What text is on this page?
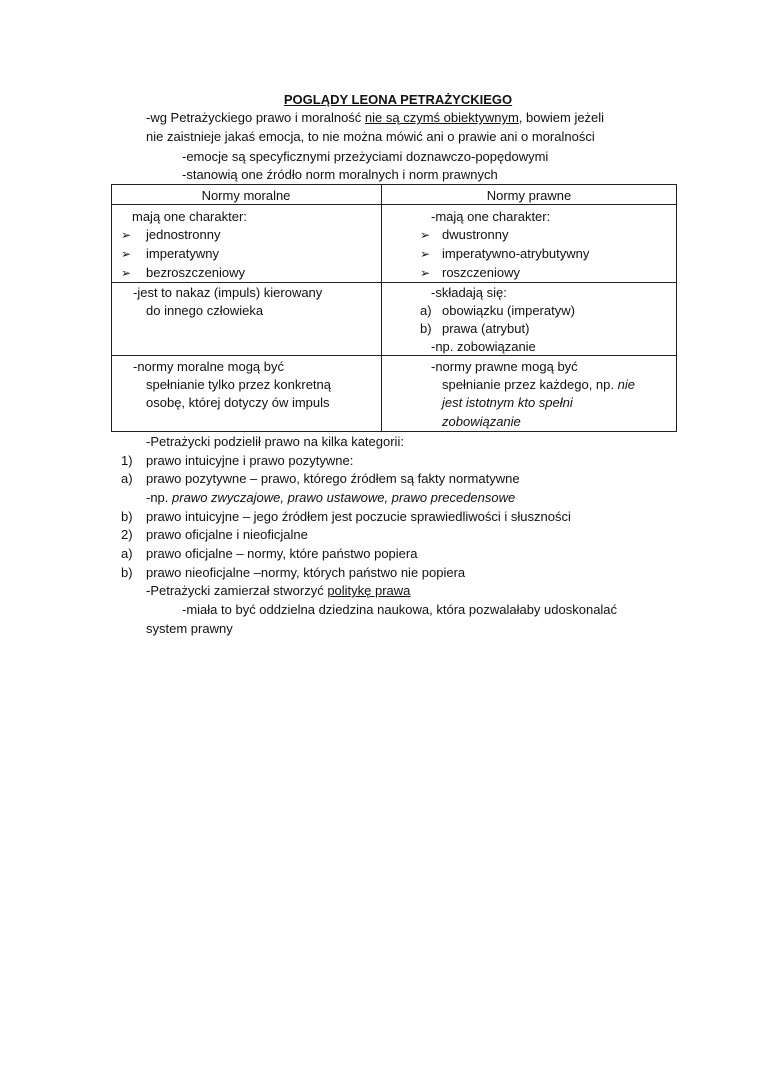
POGLĄDY LEONA PETRAŻYCKIEGO
-wg Petrażyckiego prawo i moralność nie są czymś obiektywnym, bowiem jeżeli
nie zaistnieje jakaś emocja, to nie można mówić ani o prawie ani o moralności
-emocje są specyficznymi przeżyciami doznawczo-popędowymi
-stanowią one źródło norm moralnych i norm prawnych
Normy moralne	Normy prawne
mają one charakter:
➢ jednostronny
➢ imperatywny
➢ bezroszczeniowy
-mają one charakter:
➢ dwustronny
➢ imperatywno-atrybutywny
➢ roszczeniowy
-jest to nakaz (impuls) kierowany
do innego człowieka
-składają się:
a) obowiązku (imperatyw)
b) prawa (atrybut)
-np. zobowiązanie
-normy moralne mogą być
spełnianie tylko przez konkretną
osobę, której dotyczy ów impuls
-normy prawne mogą być
spełnianie przez każdego, np. nie
jest istotnym kto spełni
zobowiązanie
-Petrażycki podzielił prawo na kilka kategorii:
1) prawo intuicyjne i prawo pozytywne:
a) prawo pozytywne – prawo, którego źródłem są fakty normatywne
-np. prawo zwyczajowe, prawo ustawowe, prawo precedensowe
b) prawo intuicyjne – jego źródłem jest poczucie sprawiedliwości i słuszności
2) prawo oficjalne i nieoficjalne
a) prawo oficjalne – normy, które państwo popiera
b) prawo nieoficjalne –normy, których państwo nie popiera
-Petrażycki zamierzał stworzyć politykę prawa
-miała to być oddzielna dziedzina naukowa, która pozwalałaby udoskonalać
system prawny
